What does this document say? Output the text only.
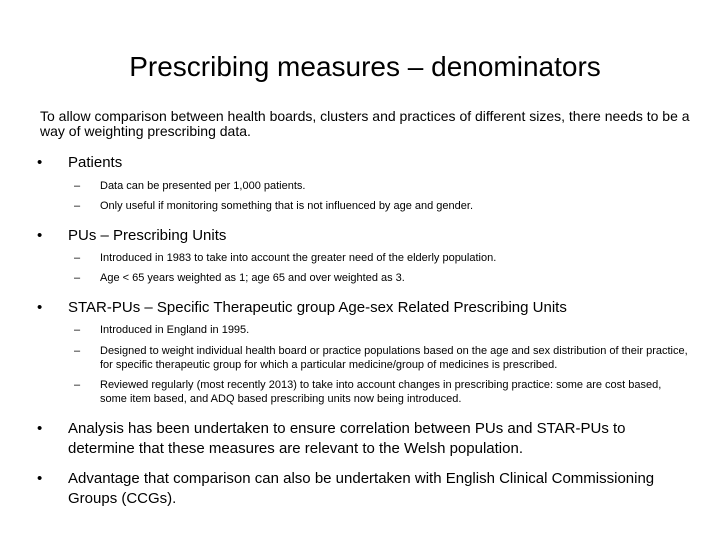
Prescribing measures – denominators
To allow comparison between health boards, clusters and practices of different sizes, there needs to be a way of weighting prescribing data.
• Patients
– Data can be presented per 1,000 patients.
– Only useful if monitoring something that is not influenced by age and gender.
• PUs – Prescribing Units
– Introduced in 1983 to take into account the greater need of the elderly population.
– Age < 65 years weighted as 1; age 65 and over weighted as 3.
• STAR-PUs – Specific Therapeutic group Age-sex Related Prescribing Units
– Introduced in England in 1995.
– Designed to weight individual health board or practice populations based on the age and sex distribution of their practice, for specific therapeutic group for which a particular medicine/group of medicines is prescribed.
– Reviewed regularly (most recently 2013) to take into account changes in prescribing practice: some are cost based, some item based, and ADQ based prescribing units now being introduced.
• Analysis has been undertaken to ensure correlation between PUs and STAR-PUs to determine that these measures are relevant to the Welsh population.
• Advantage that comparison can also be undertaken with English Clinical Commissioning Groups (CCGs).
